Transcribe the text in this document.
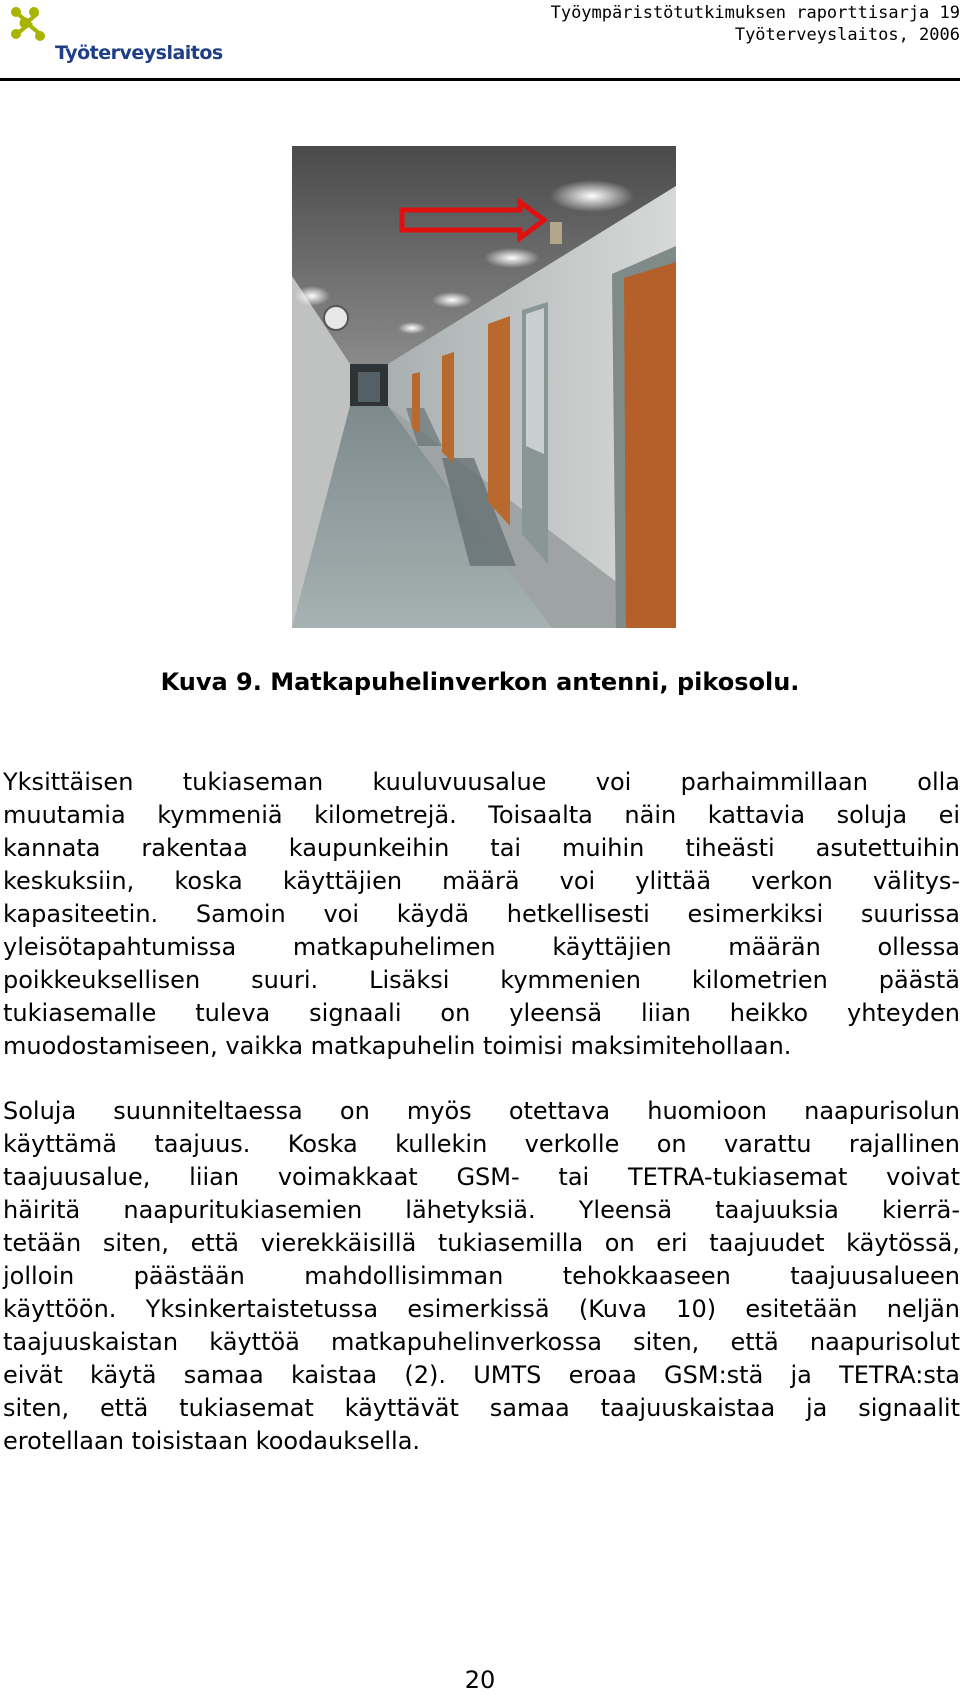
Työterveyslaitos
Työympäristötutkimuksen raporttisarja 19
Työterveyslaitos, 2006
Kuva 9. Matkapuhelinverkon antenni, pikosolu.
Yksittäisen tukiaseman kuuluvuusalue voi parhaimmillaan olla
muutamia kymmeniä kilometrejä. Toisaalta näin kattavia soluja ei
kannata rakentaa kaupunkeihin tai muihin tiheästi asutettuihin
keskuksiin, koska käyttäjien määrä voi ylittää verkon välitys-
kapasiteetin. Samoin voi käydä hetkellisesti esimerkiksi suurissa
yleisötapahtumissa matkapuhelimen käyttäjien määrän ollessa
poikkeuksellisen suuri. Lisäksi kymmenien kilometrien päästä
tukiasemalle tuleva signaali on yleensä liian heikko yhteyden
muodostamiseen, vaikka matkapuhelin toimisi maksimitehollaan.
Soluja suunniteltaessa on myös otettava huomioon naapurisolun
käyttämä taajuus. Koska kullekin verkolle on varattu rajallinen
taajuusalue, liian voimakkaat GSM- tai TETRA-tukiasemat voivat
häiritä naapuritukiasemien lähetyksiä. Yleensä taajuuksia kierrä-
tetään siten, että vierekkäisillä tukiasemilla on eri taajuudet käytössä,
jolloin päästään mahdollisimman tehokkaaseen taajuusalueen
käyttöön. Yksinkertaistetussa esimerkissä (Kuva 10) esitetään neljän
taajuuskaistan käyttöä matkapuhelinverkossa siten, että naapurisolut
eivät käytä samaa kaistaa (2). UMTS eroaa GSM:stä ja TETRA:sta
siten, että tukiasemat käyttävät samaa taajuuskaistaa ja signaalit
erotellaan toisistaan koodauksella.
20
